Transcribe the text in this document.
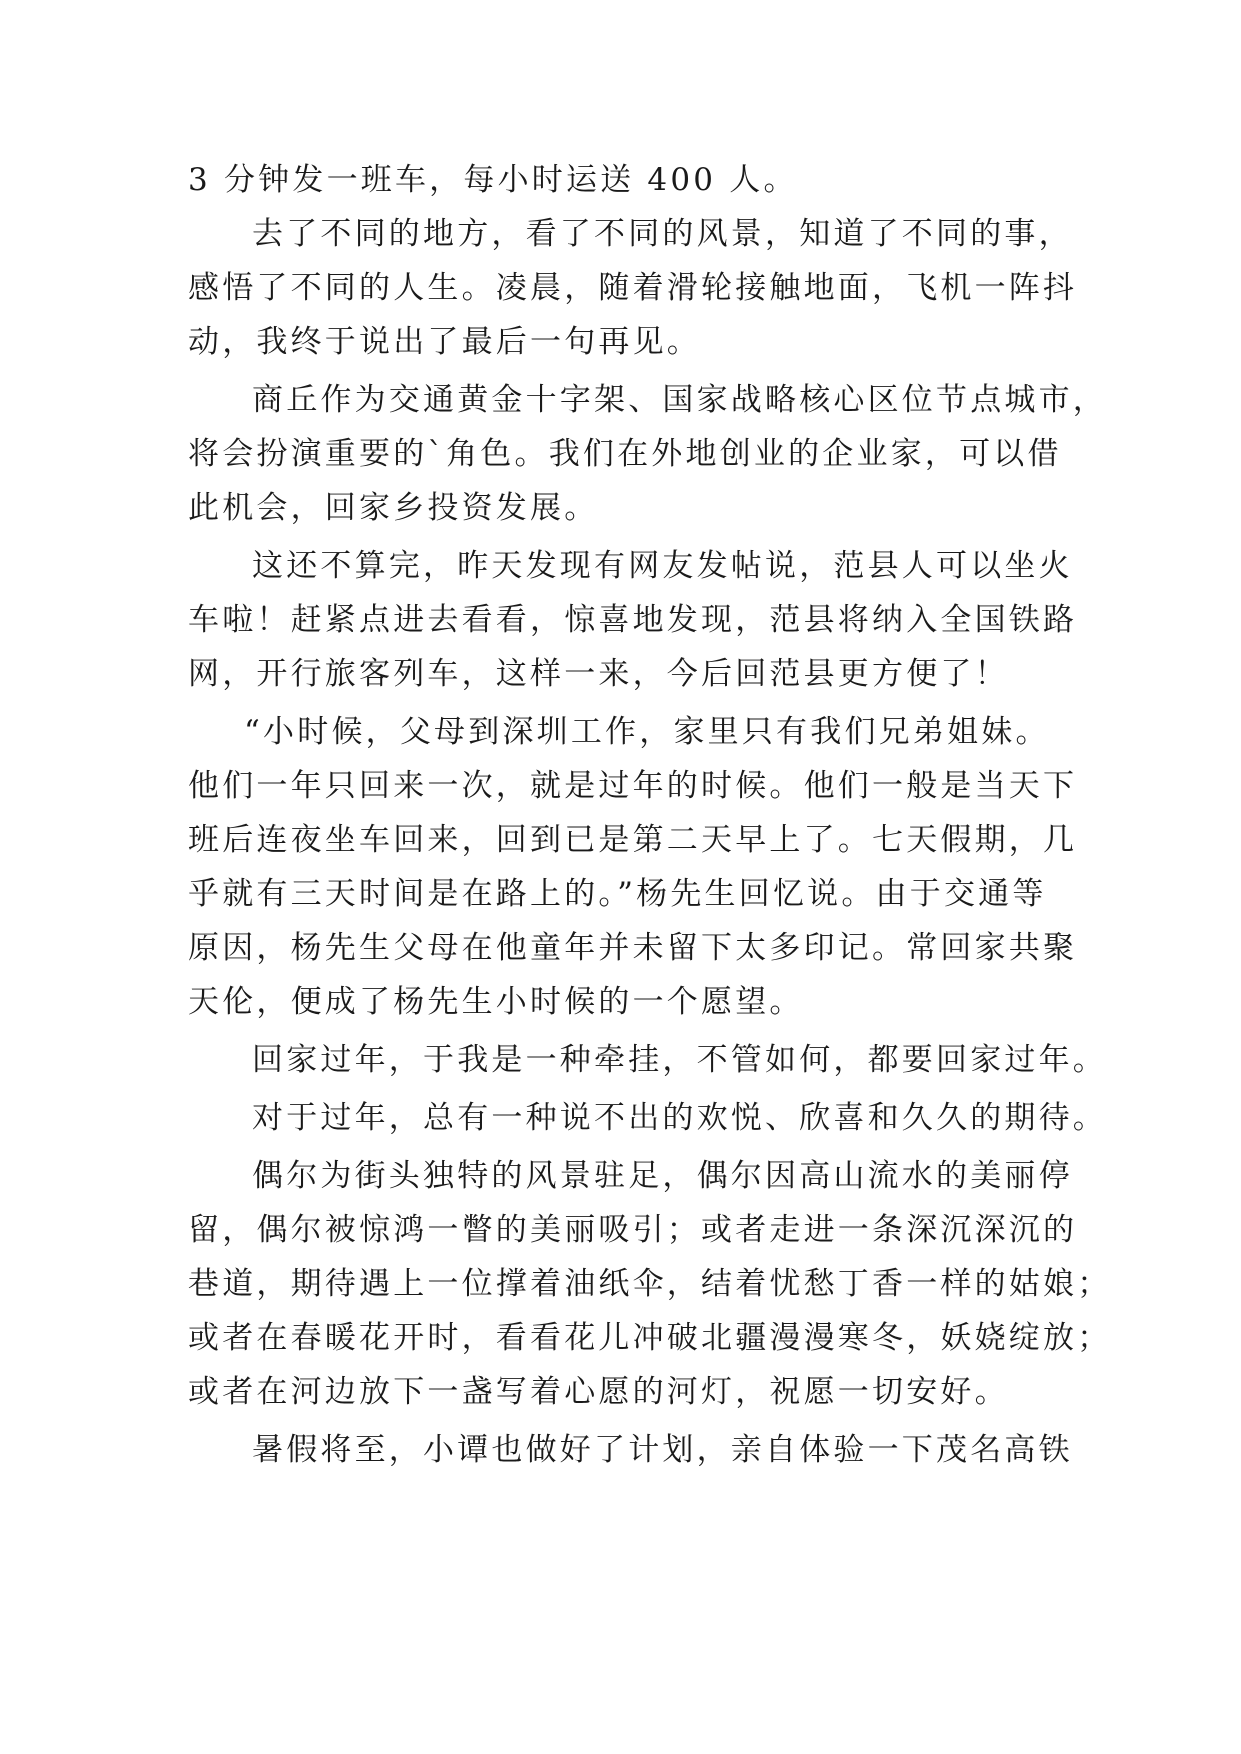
3 分钟发一班车，每小时运送 400 人。
去了不同的地方，看了不同的风景，知道了不同的事，
感悟了不同的人生。凌晨，随着滑轮接触地面，飞机一阵抖
动，我终于说出了最后一句再见。
商丘作为交通黄金十字架、国家战略核心区位节点城市，
将会扮演重要的`角色。我们在外地创业的企业家，可以借
此机会，回家乡投资发展。
这还不算完，昨天发现有网友发帖说，范县人可以坐火
车啦！赶紧点进去看看，惊喜地发现，范县将纳入全国铁路
网，开行旅客列车，这样一来，今后回范县更方便了！
“小时候，父母到深圳工作，家里只有我们兄弟姐妹。
他们一年只回来一次，就是过年的时候。他们一般是当天下
班后连夜坐车回来，回到已是第二天早上了。七天假期，几
乎就有三天时间是在路上的。”杨先生回忆说。由于交通等
原因，杨先生父母在他童年并未留下太多印记。常回家共聚
天伦，便成了杨先生小时候的一个愿望。
回家过年，于我是一种牵挂，不管如何，都要回家过年。
对于过年，总有一种说不出的欢悦、欣喜和久久的期待。
偶尔为街头独特的风景驻足，偶尔因高山流水的美丽停
留，偶尔被惊鸿一瞥的美丽吸引；或者走进一条深沉深沉的
巷道，期待遇上一位撑着油纸伞，结着忧愁丁香一样的姑娘；
或者在春暖花开时，看看花儿冲破北疆漫漫寒冬，妖娆绽放；
或者在河边放下一盏写着心愿的河灯，祝愿一切安好。
暑假将至，小谭也做好了计划，亲自体验一下茂名高铁
